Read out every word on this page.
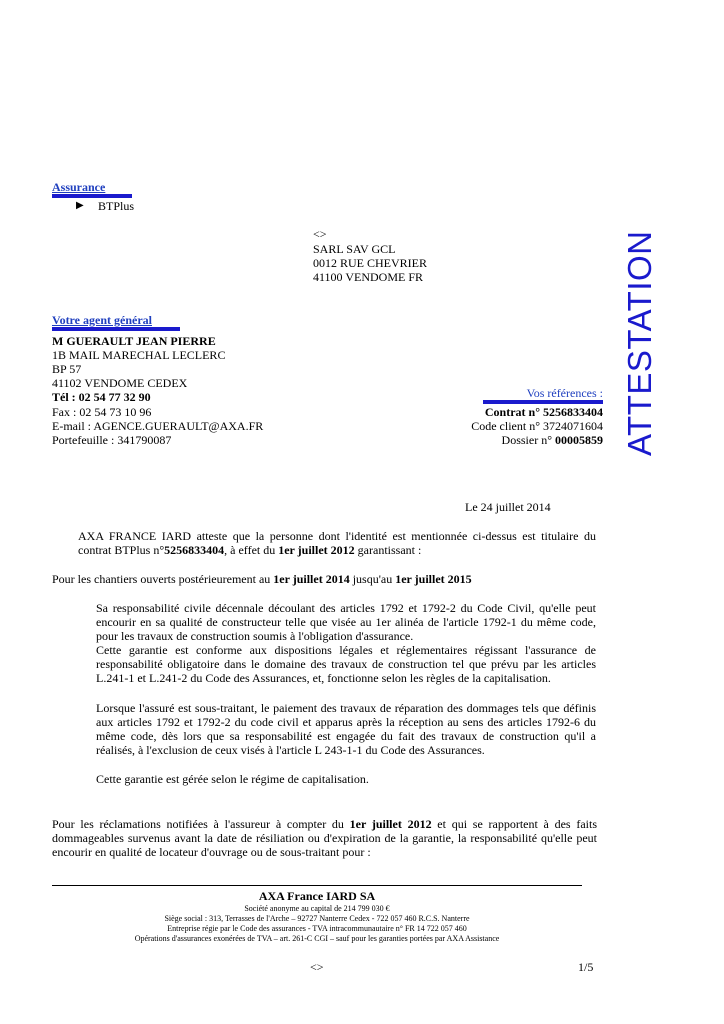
Assurance
▶ BTPlus
<>
SARL SAV GCL
0012 RUE CHEVRIER
41100 VENDOME FR
Votre agent général
M GUERAULT JEAN PIERRE
1B MAIL MARECHAL LECLERC
BP 57
41102 VENDOME CEDEX
Tél : 02 54 77 32 90
Fax : 02 54 73 10 96
E-mail : AGENCE.GUERAULT@AXA.FR
Portefeuille : 341790087
Vos références :
Contrat n° 5256833404
Code client n° 3724071604
Dossier n° 00005859 ATTESTATION
Le 24 juillet 2014
AXA FRANCE IARD atteste que la personne dont l'identité est mentionnée ci-dessus est titulaire du
contrat BTPlus n°5256833404, à effet du 1er juillet 2012 garantissant :
Pour les chantiers ouverts postérieurement au 1er juillet 2014 jusqu'au 1er juillet 2015
Sa responsabilité civile décennale découlant des articles 1792 et 1792-2 du Code Civil, qu'elle peut
encourir en sa qualité de constructeur telle que visée au 1er alinéa de l'article 1792-1 du même code,
pour les travaux de construction soumis à l'obligation d'assurance.
Cette garantie est conforme aux dispositions légales et réglementaires régissant l'assurance de
responsabilité obligatoire dans le domaine des travaux de construction tel que prévu par les articles
L.241-1 et L.241-2 du Code des Assurances, et, fonctionne selon les règles de la capitalisation.
Lorsque l'assuré est sous-traitant, le paiement des travaux de réparation des dommages tels que définis
aux articles 1792 et 1792-2 du code civil et apparus après la réception au sens des articles 1792-6 du
même code, dès lors que sa responsabilité est engagée du fait des travaux de construction qu'il a
réalisés, à l'exclusion de ceux visés à l'article L 243-1-1 du Code des Assurances.
Cette garantie est gérée selon le régime de capitalisation.
Pour les réclamations notifiées à l'assureur à compter du 1er juillet 2012 et qui se rapportent à des faits
dommageables survenus avant la date de résiliation ou d'expiration de la garantie, la responsabilité qu'elle peut
encourir en qualité de locateur d'ouvrage ou de sous-traitant pour :
AXA France IARD SA
Société anonyme au capital de 214 799 030 €
Siège social : 313, Terrasses de l'Arche – 92727 Nanterre Cedex - 722 057 460 R.C.S. Nanterre
Entreprise régie par le Code des assurances - TVA intracommunautaire n° FR 14 722 057 460
Opérations d'assurances exonérées de TVA – art. 261-C CGI – sauf pour les garanties portées par AXA Assistance
<>	1/5
